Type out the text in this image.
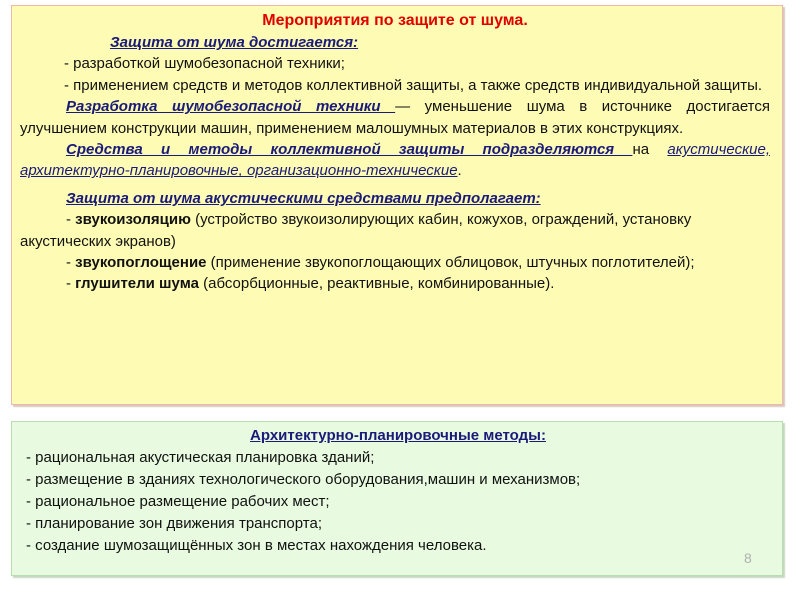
Мероприятия по защите от шума.

Защита от шума достигается:

- разработкой шумобезопасной техники;

- применением средств и методов коллективной защиты, а также средств индивидуальной защиты.

Разработка шумобезопасной техники — уменьшение шума в источнике достигается улучшением конструкции машин, применением малошумных материалов в этих конструкциях.

Средства и методы коллективной защиты подразделяются на акустические, архитектурно-планировочные, организационно-технические.

Защита от шума акустическими средствами предполагает:

- звукоизоляцию (устройство звукоизолирующих кабин, кожухов, ограждений, установку акустических экранов)

- звукопоглощение (применение звукопоглощающих облицовок, штучных поглотителей);

- глушители шума (абсорбционные, реактивные, комбинированные).

Архитектурно-планировочные методы:

- рациональная акустическая планировка зданий;

- размещение в зданиях технологического оборудования,машин и механизмов;

- рациональное размещение рабочих мест;

- планирование зон движения транспорта;

- создание шумозащищённых зон в местах нахождения человека.

8
